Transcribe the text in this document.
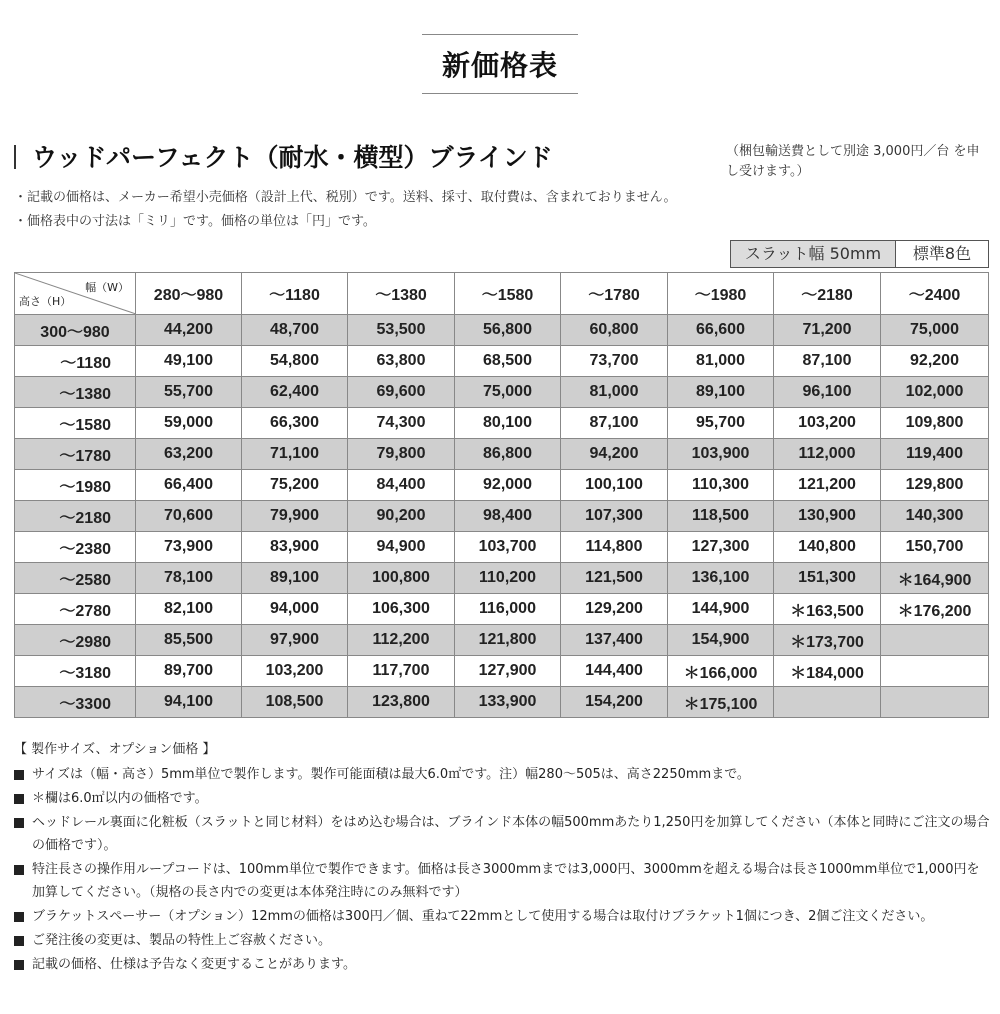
新価格表
ウッドパーフェクト（耐水・横型）ブラインド	（梱包輸送費として別途 3,000円／台 を申し受けます。）
・記載の価格は、メーカー希望小売価格（設計上代、税別）です。送料、採寸、取付費は、含まれておりません。
・価格表中の寸法は「ミリ」です。価格の単位は「円」です。
スラット幅 50mm	標準8色
幅（W）
高さ（H）	280〜980	〜1180	〜1380	〜1580	〜1780	〜1980	〜2180	〜2400
300〜980	44,200	48,700	53,500	56,800	60,800	66,600	71,200	75,000
〜1180	49,100	54,800	63,800	68,500	73,700	81,000	87,100	92,200
〜1380	55,700	62,400	69,600	75,000	81,000	89,100	96,100	102,000
〜1580	59,000	66,300	74,300	80,100	87,100	95,700	103,200	109,800
〜1780	63,200	71,100	79,800	86,800	94,200	103,900	112,000	119,400
〜1980	66,400	75,200	84,400	92,000	100,100	110,300	121,200	129,800
〜2180	70,600	79,900	90,200	98,400	107,300	118,500	130,900	140,300
〜2380	73,900	83,900	94,900	103,700	114,800	127,300	140,800	150,700
〜2580	78,100	89,100	100,800	110,200	121,500	136,100	151,300	＊164,900
〜2780	82,100	94,000	106,300	116,000	129,200	144,900	＊163,500	＊176,200
〜2980	85,500	97,900	112,200	121,800	137,400	154,900	＊173,700	
〜3180	89,700	103,200	117,700	127,900	144,400	＊166,000	＊184,000	
〜3300	94,100	108,500	123,800	133,900	154,200	＊175,100		
【 製作サイズ、オプション価格 】
サイズは（幅・高さ）5mm単位で製作します。製作可能面積は最大6.0㎡です。注）幅280〜505は、高さ2250mmまで。
＊欄は6.0㎡以内の価格です。
ヘッドレール裏面に化粧板（スラットと同じ材料）をはめ込む場合は、ブラインド本体の幅500mmあたり1,250円を加算してください（本体と同時にご注文の場合の価格です）。
特注長さの操作用ループコードは、100mm単位で製作できます。価格は長さ3000mmまでは3,000円、3000mmを超える場合は長さ1000mm単位で1,000円を加算してください。（規格の長さ内での変更は本体発注時にのみ無料です）
ブラケットスペーサー（オプション）12mmの価格は300円／個、重ねて22mmとして使用する場合は取付けブラケット1個につき、2個ご注文ください。
ご発注後の変更は、製品の特性上ご容赦ください。
記載の価格、仕様は予告なく変更することがあります。
